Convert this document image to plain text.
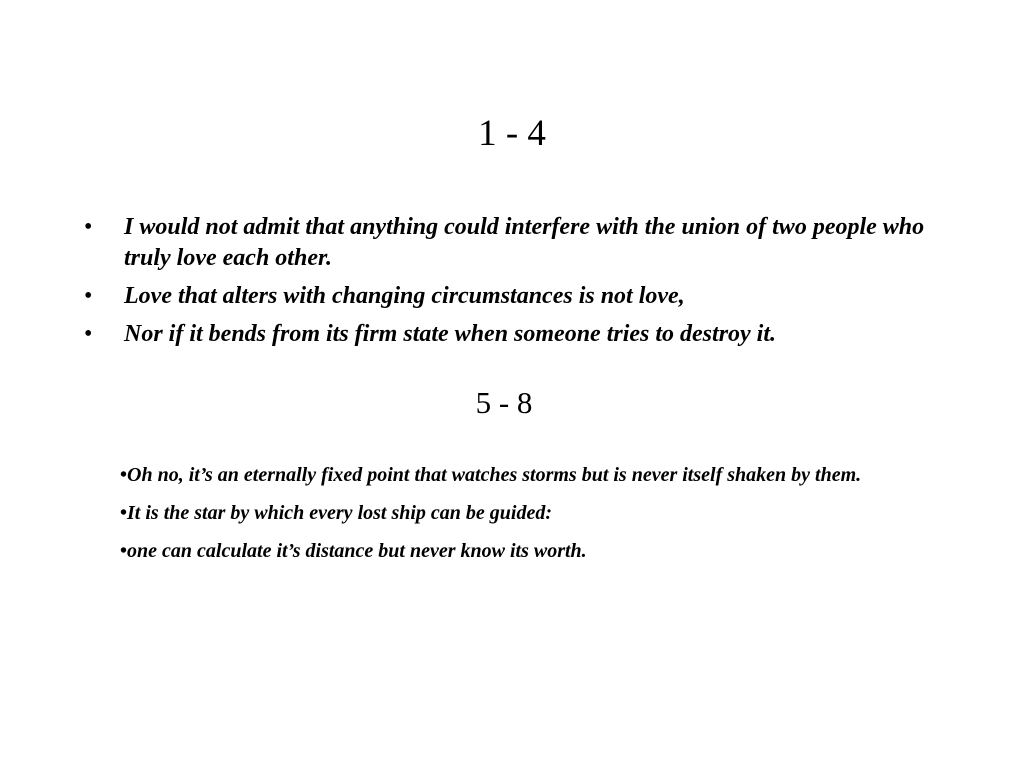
1 - 4
• I would not admit that anything could interfere with the union of two people who truly love each other.
• Love that alters with changing circumstances is not love,
• Nor if it bends from its firm state when someone tries to destroy it.
5 - 8
•Oh no, it’s an eternally fixed point that watches storms but is never itself shaken by them.
•It is the star by which every lost ship can be guided:
•one can calculate it’s distance but never know its worth.
